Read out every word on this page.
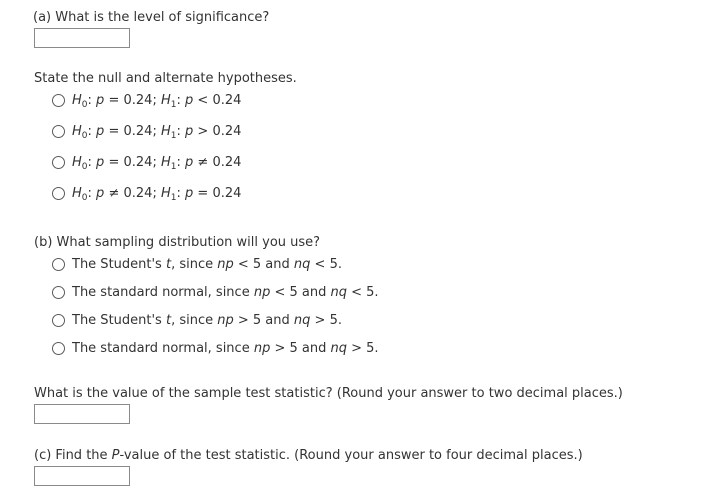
(a) What is the level of significance?
State the null and alternate hypotheses.
$H_0$: p = 0.24; $H_1$: p < 0.24
$H_0$: p = 0.24; $H_1$: p > 0.24
$H_0$: p = 0.24; $H_1$: p ≠ 0.24
$H_0$: p ≠ 0.24; $H_1$: p = 0.24
(b) What sampling distribution will you use?
The Student's t, since np < 5 and nq < 5.
The standard normal, since np < 5 and nq < 5.
The Student's t, since np > 5 and nq > 5.
The standard normal, since np > 5 and nq > 5.
What is the value of the sample test statistic? (Round your answer to two decimal places.)
(c) Find the P-value of the test statistic. (Round your answer to four decimal places.)
